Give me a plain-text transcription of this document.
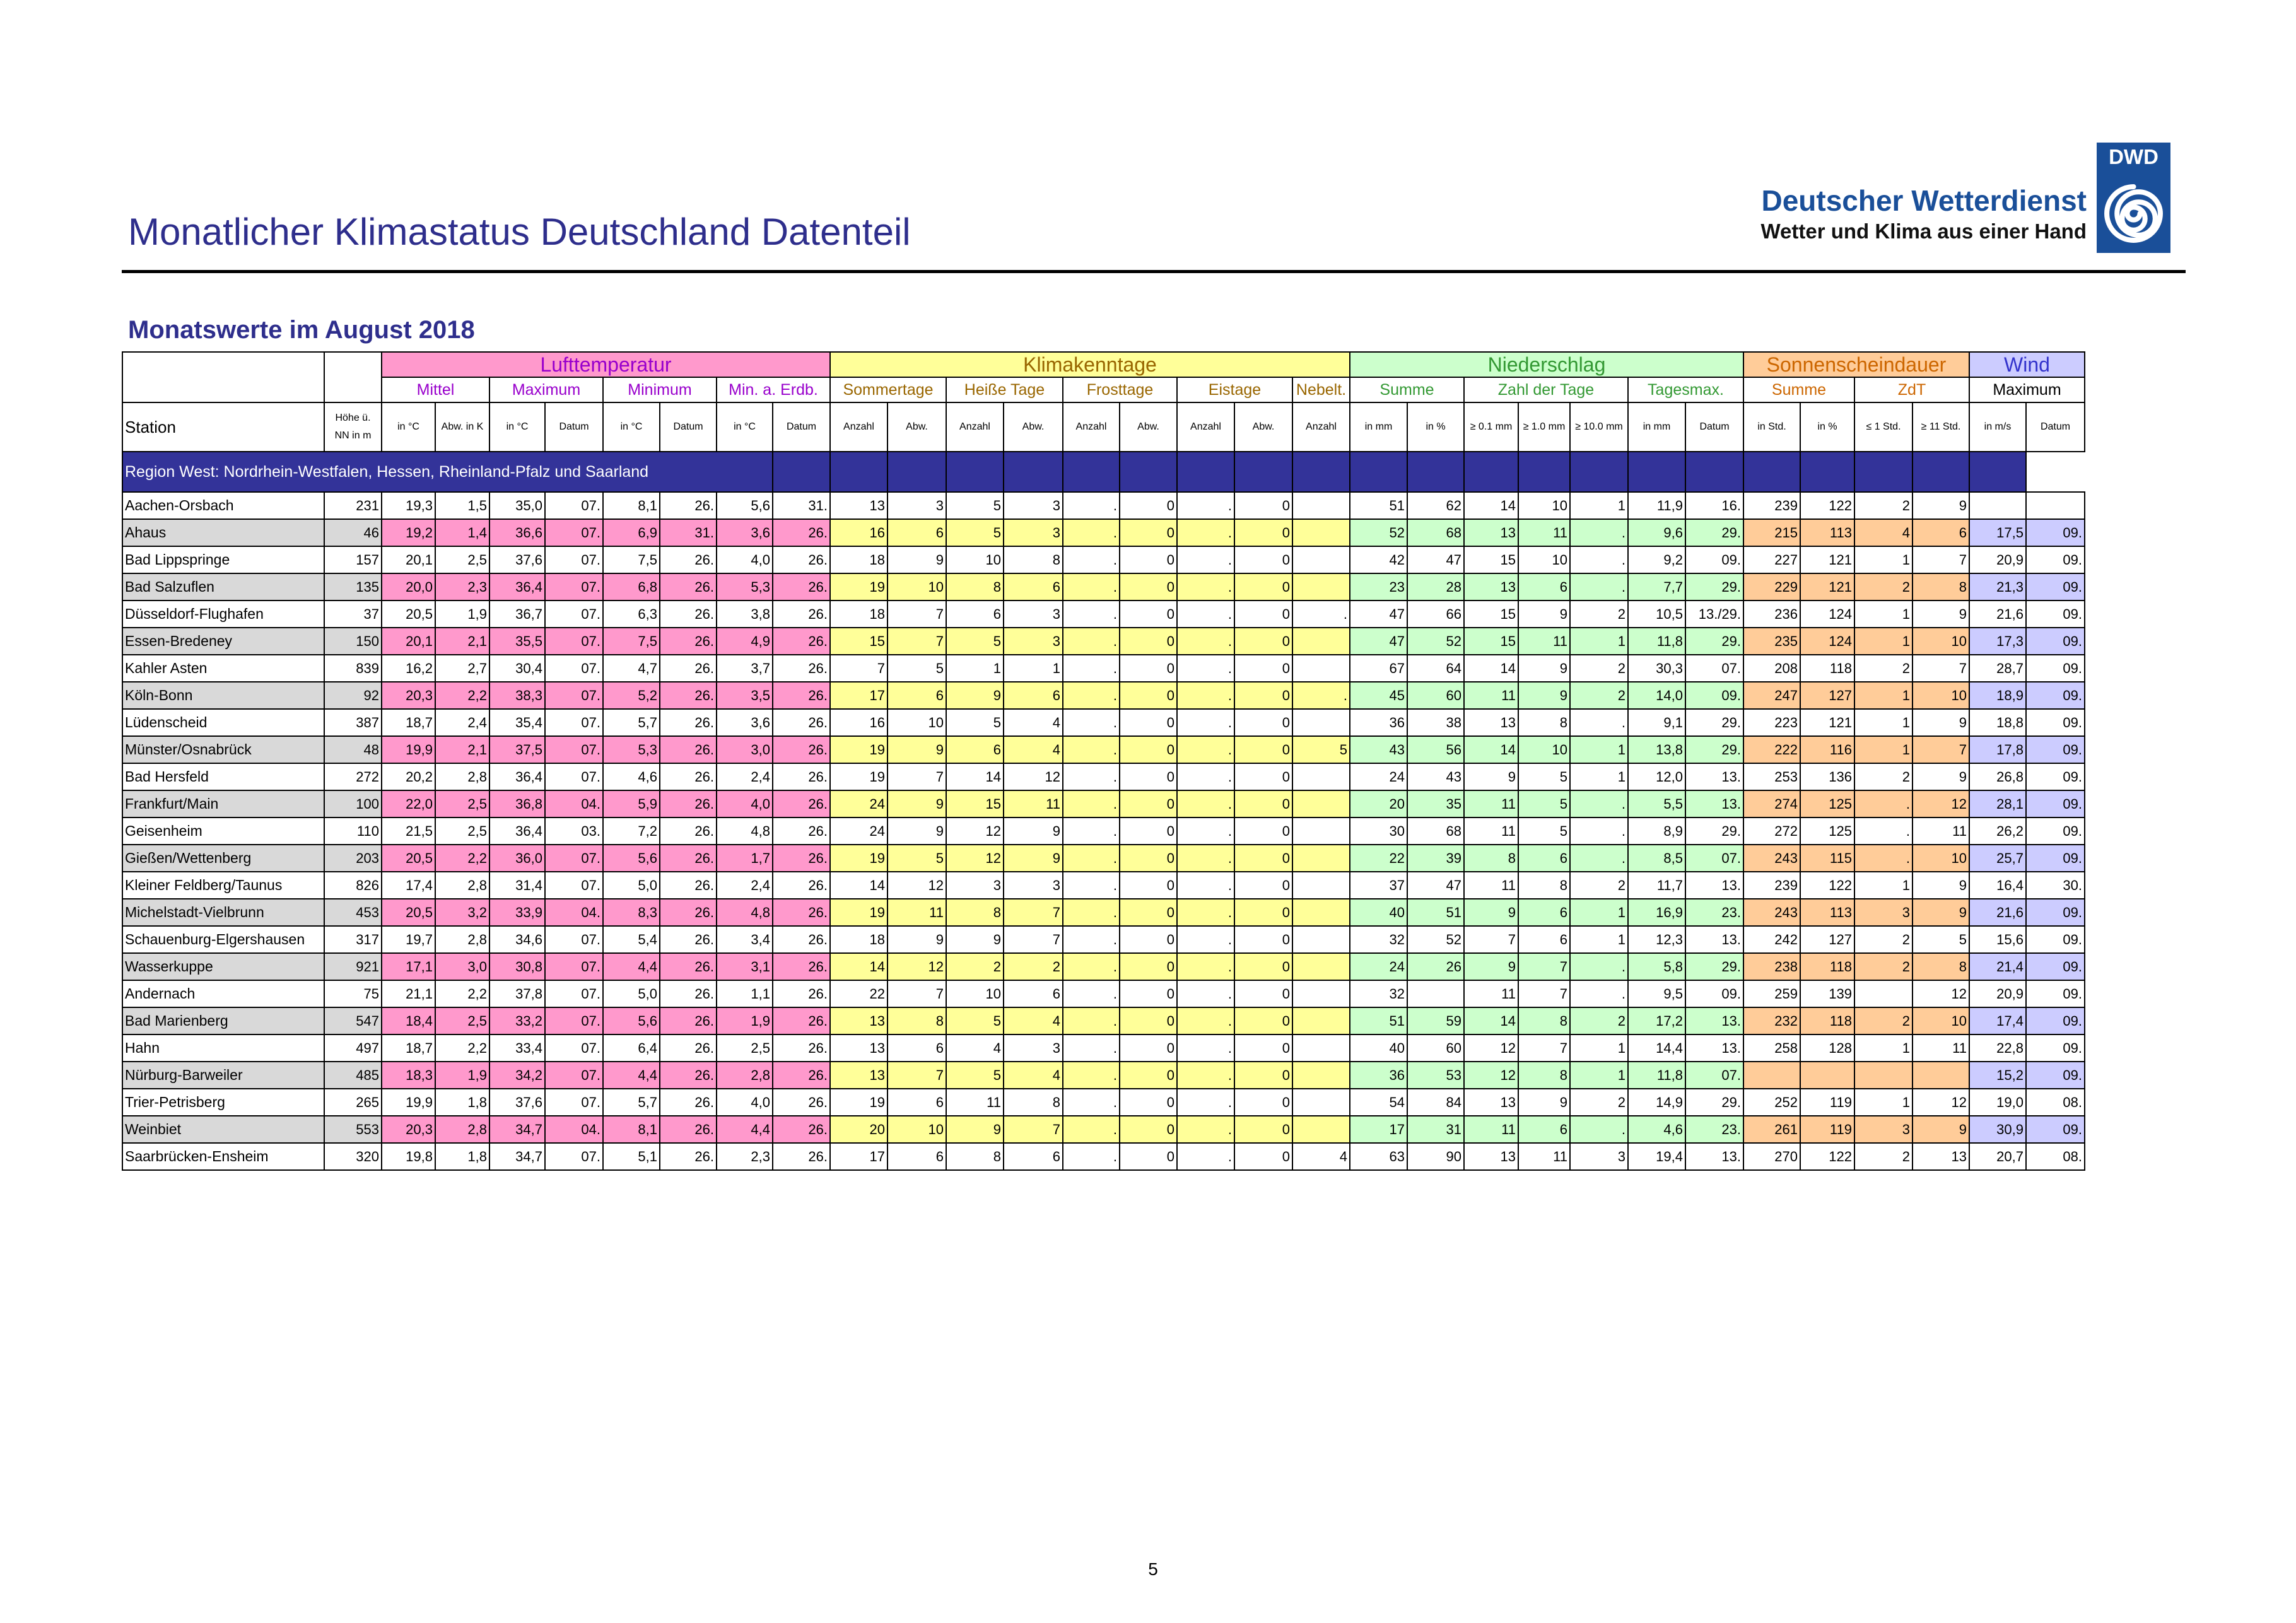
Monatlicher Klimastatus Deutschland Datenteil
Deutscher Wetterdienst
Wetter und Klima aus einer Hand
DWD
Monatswerte im August 2018
		Lufttemperatur								Klimakenntage									Niederschlag							Sonnenscheindauer				Wind	
		Mittel		Maximum		Minimum		Min. a. Erdb.		Sommertage		Heiße Tage		Frosttage		Eistage		Nebelt.	Summe		Zahl der Tage			Tagesmax.		Summe		ZdT		Maximum	
Station	Höhe ü. NN in m	in °C	Abw. in K	in °C	Datum	in °C	Datum	in °C	Datum	Anzahl	Abw.	Anzahl	Abw.	Anzahl	Abw.	Anzahl	Abw.	Anzahl	in mm	in %	≥ 0.1 mm	≥ 1.0 mm	≥ 10.0 mm	in mm	Datum	in Std.	in %	≤ 1 Std.	≥ 11 Std.	in m/s	Datum
Region West: Nordrhein-Westfalen, Hessen, Rheinland-Pfalz und Saarland																															
Aachen-Orsbach	231	19,3	1,5	35,0	07.	8,1	26.	5,6	31.	13	3	5	3	.	0	.	0		51	62	14	10	1	11,9	16.	239	122	2	9		
Ahaus	46	19,2	1,4	36,6	07.	6,9	31.	3,6	26.	16	6	5	3	.	0	.	0		52	68	13	11	.	9,6	29.	215	113	4	6	17,5	09.
Bad Lippspringe	157	20,1	2,5	37,6	07.	7,5	26.	4,0	26.	18	9	10	8	.	0	.	0		42	47	15	10	.	9,2	09.	227	121	1	7	20,9	09.
Bad Salzuflen	135	20,0	2,3	36,4	07.	6,8	26.	5,3	26.	19	10	8	6	.	0	.	0		23	28	13	6	.	7,7	29.	229	121	2	8	21,3	09.
Düsseldorf-Flughafen	37	20,5	1,9	36,7	07.	6,3	26.	3,8	26.	18	7	6	3	.	0	.	0	.	47	66	15	9	2	10,5	13./29.	236	124	1	9	21,6	09.
Essen-Bredeney	150	20,1	2,1	35,5	07.	7,5	26.	4,9	26.	15	7	5	3	.	0	.	0		47	52	15	11	1	11,8	29.	235	124	1	10	17,3	09.
Kahler Asten	839	16,2	2,7	30,4	07.	4,7	26.	3,7	26.	7	5	1	1	.	0	.	0		67	64	14	9	2	30,3	07.	208	118	2	7	28,7	09.
Köln-Bonn	92	20,3	2,2	38,3	07.	5,2	26.	3,5	26.	17	6	9	6	.	0	.	0	.	45	60	11	9	2	14,0	09.	247	127	1	10	18,9	09.
Lüdenscheid	387	18,7	2,4	35,4	07.	5,7	26.	3,6	26.	16	10	5	4	.	0	.	0		36	38	13	8	.	9,1	29.	223	121	1	9	18,8	09.
Münster/Osnabrück	48	19,9	2,1	37,5	07.	5,3	26.	3,0	26.	19	9	6	4	.	0	.	0	5	43	56	14	10	1	13,8	29.	222	116	1	7	17,8	09.
Bad Hersfeld	272	20,2	2,8	36,4	07.	4,6	26.	2,4	26.	19	7	14	12	.	0	.	0		24	43	9	5	1	12,0	13.	253	136	2	9	26,8	09.
Frankfurt/Main	100	22,0	2,5	36,8	04.	5,9	26.	4,0	26.	24	9	15	11	.	0	.	0		20	35	11	5	.	5,5	13.	274	125	.	12	28,1	09.
Geisenheim	110	21,5	2,5	36,4	03.	7,2	26.	4,8	26.	24	9	12	9	.	0	.	0		30	68	11	5	.	8,9	29.	272	125	.	11	26,2	09.
Gießen/Wettenberg	203	20,5	2,2	36,0	07.	5,6	26.	1,7	26.	19	5	12	9	.	0	.	0		22	39	8	6	.	8,5	07.	243	115	.	10	25,7	09.
Kleiner Feldberg/Taunus	826	17,4	2,8	31,4	07.	5,0	26.	2,4	26.	14	12	3	3	.	0	.	0		37	47	11	8	2	11,7	13.	239	122	1	9	16,4	30.
Michelstadt-Vielbrunn	453	20,5	3,2	33,9	04.	8,3	26.	4,8	26.	19	11	8	7	.	0	.	0		40	51	9	6	1	16,9	23.	243	113	3	9	21,6	09.
Schauenburg-Elgershausen	317	19,7	2,8	34,6	07.	5,4	26.	3,4	26.	18	9	9	7	.	0	.	0		32	52	7	6	1	12,3	13.	242	127	2	5	15,6	09.
Wasserkuppe	921	17,1	3,0	30,8	07.	4,4	26.	3,1	26.	14	12	2	2	.	0	.	0		24	26	9	7	.	5,8	29.	238	118	2	8	21,4	09.
Andernach	75	21,1	2,2	37,8	07.	5,0	26.	1,1	26.	22	7	10	6	.	0	.	0		32		11	7	.	9,5	09.	259	139		12	20,9	09.
Bad Marienberg	547	18,4	2,5	33,2	07.	5,6	26.	1,9	26.	13	8	5	4	.	0	.	0		51	59	14	8	2	17,2	13.	232	118	2	10	17,4	09.
Hahn	497	18,7	2,2	33,4	07.	6,4	26.	2,5	26.	13	6	4	3	.	0	.	0		40	60	12	7	1	14,4	13.	258	128	1	11	22,8	09.
Nürburg-Barweiler	485	18,3	1,9	34,2	07.	4,4	26.	2,8	26.	13	7	5	4	.	0	.	0		36	53	12	8	1	11,8	07.					15,2	09.
Trier-Petrisberg	265	19,9	1,8	37,6	07.	5,7	26.	4,0	26.	19	6	11	8	.	0	.	0		54	84	13	9	2	14,9	29.	252	119	1	12	19,0	08.
Weinbiet	553	20,3	2,8	34,7	04.	8,1	26.	4,4	26.	20	10	9	7	.	0	.	0		17	31	11	6	.	4,6	23.	261	119	3	9	30,9	09.
Saarbrücken-Ensheim	320	19,8	1,8	34,7	07.	5,1	26.	2,3	26.	17	6	8	6	.	0	.	0	4	63	90	13	11	3	19,4	13.	270	122	2	13	20,7	08.
5
